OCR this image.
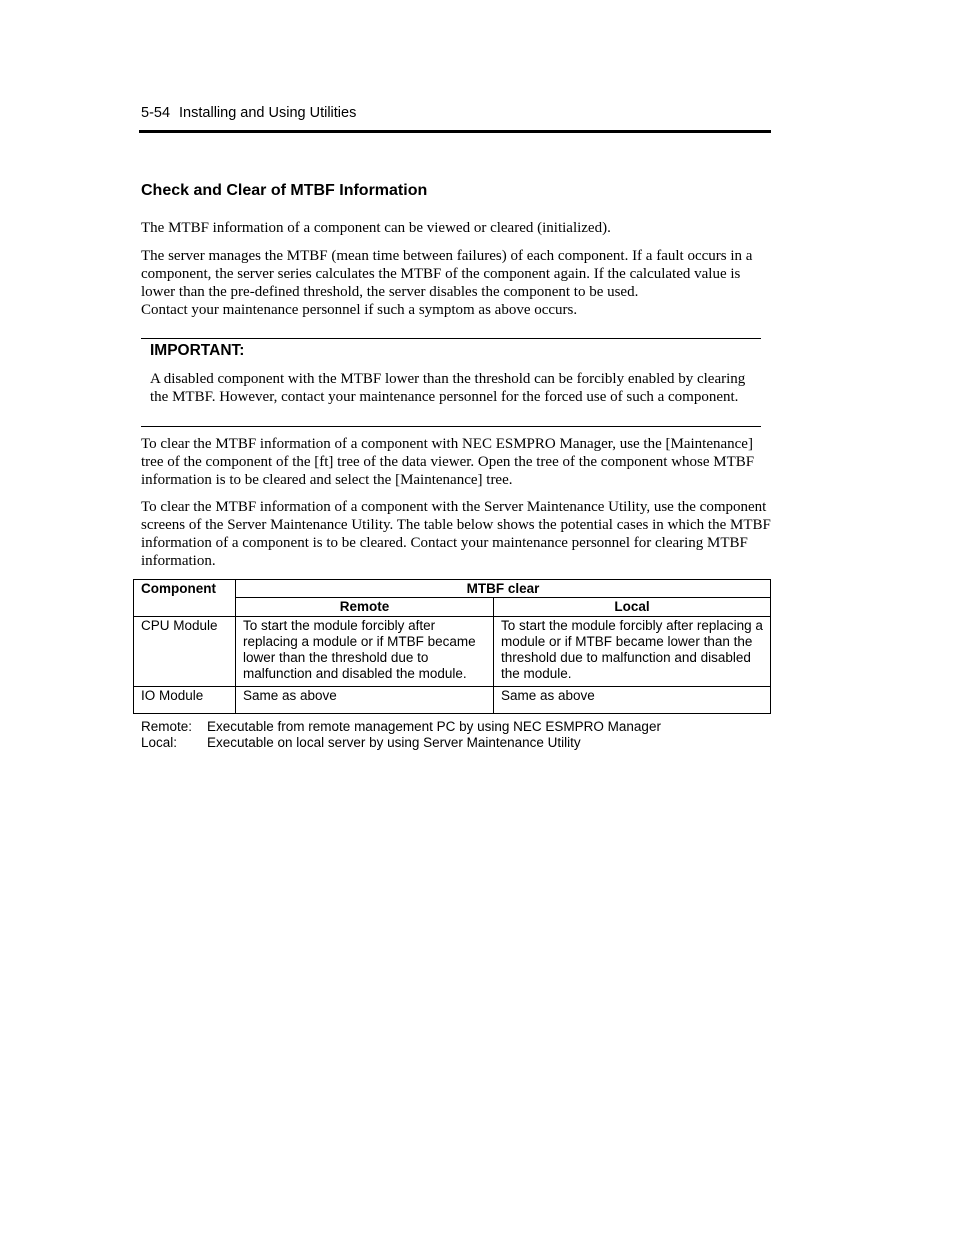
5-54 Installing and Using Utilities
Check and Clear of MTBF Information

The MTBF information of a component can be viewed or cleared (initialized).

The server manages the MTBF (mean time between failures) of each component. If a fault occurs in a component, the server series calculates the MTBF of the component again. If the calculated value is lower than the pre-defined threshold, the server disables the component to be used.
Contact your maintenance personnel if such a symptom as above occurs.
IMPORTANT:

A disabled component with the MTBF lower than the threshold can be forcibly enabled by clearing the MTBF. However, contact your maintenance personnel for the forced use of such a component.

To clear the MTBF information of a component with NEC ESMPRO Manager, use the [Maintenance] tree of the component of the [ft] tree of the data viewer. Open the tree of the component whose MTBF information is to be cleared and select the [Maintenance] tree.

To clear the MTBF information of a component with the Server Maintenance Utility, use the component screens of the Server Maintenance Utility. The table below shows the potential cases in which the MTBF information of a component is to be cleared. Contact your maintenance personnel for clearing MTBF information.

Component	MTBF clear	
	Remote	Local
CPU Module	To start the module forcibly after replacing a module or if MTBF became lower than the threshold due to malfunction and disabled the module.	To start the module forcibly after replacing a module or if MTBF became lower than the threshold due to malfunction and disabled the module.
IO Module	Same as above	Same as above
Remote:	Executable from remote management PC by using NEC ESMPRO Manager
Local:	Executable on local server by using Server Maintenance Utility
